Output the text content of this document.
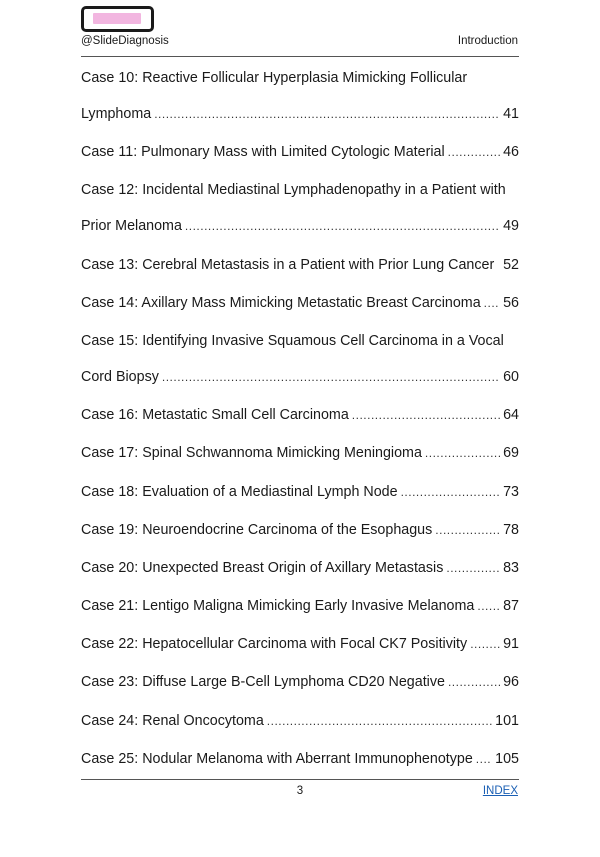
@SlideDiagnosis	Introduction
Case 10: Reactive Follicular Hyperplasia Mimicking Follicular
Lymphoma .....	41
Case 11: Pulmonary Mass with Limited Cytologic Material .....	46
Case 12: Incidental Mediastinal Lymphadenopathy in a Patient with
Prior Melanoma .....	49
Case 13: Cerebral Metastasis in a Patient with Prior Lung Cancer 52
Case 14: Axillary Mass Mimicking Metastatic Breast Carcinoma ..... 56
Case 15: Identifying Invasive Squamous Cell Carcinoma in a Vocal
Cord Biopsy .....	60
Case 16: Metastatic Small Cell Carcinoma .....	64
Case 17: Spinal Schwannoma Mimicking Meningioma .....	69
Case 18: Evaluation of a Mediastinal Lymph Node .....	73
Case 19: Neuroendocrine Carcinoma of the Esophagus .....	78
Case 20: Unexpected Breast Origin of Axillary Metastasis .....	83
Case 21: Lentigo Maligna Mimicking Early Invasive Melanoma ..... 87
Case 22: Hepatocellular Carcinoma with Focal CK7 Positivity .....	91
Case 23: Diffuse Large B-Cell Lymphoma CD20 Negative .....	96
Case 24: Renal Oncocytoma .....	101
Case 25: Nodular Melanoma with Aberrant Immunophenotype ..... 105
3	INDEX
